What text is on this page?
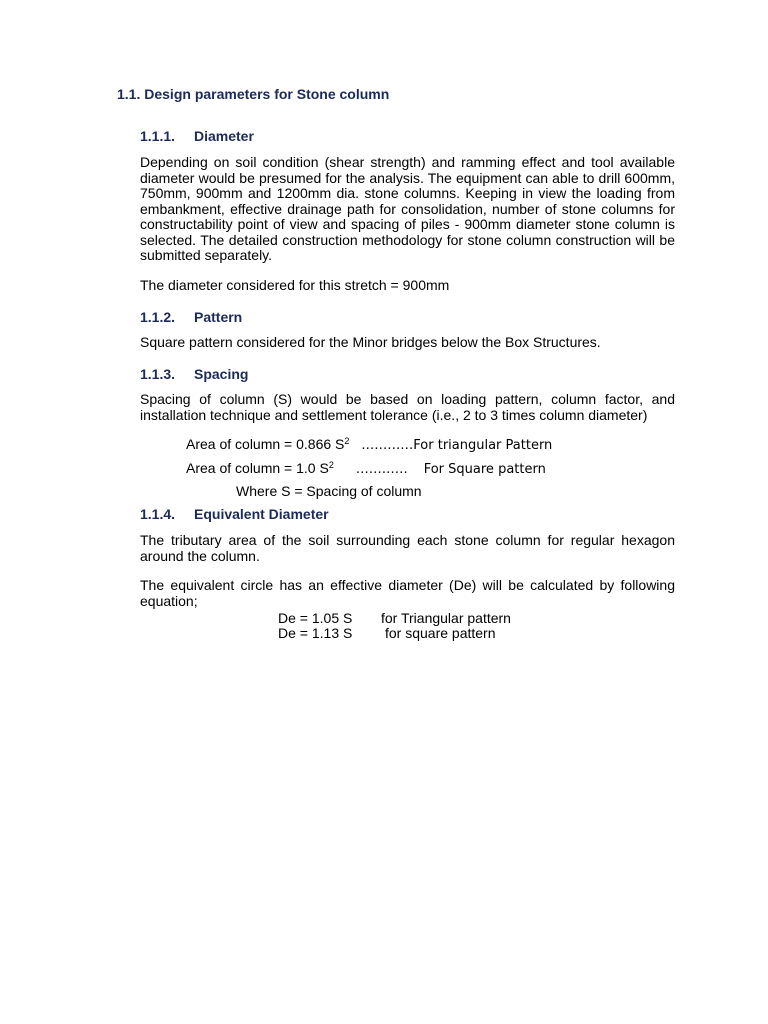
1.1. Design parameters for Stone column
1.1.1. Diameter
Depending on soil condition (shear strength) and ramming effect and tool available diameter would be presumed for the analysis. The equipment can able to drill 600mm, 750mm, 900mm and 1200mm dia. stone columns. Keeping in view the loading from embankment, effective drainage path for consolidation, number of stone columns for constructability point of view and spacing of piles - 900mm diameter stone column is selected. The detailed construction methodology for stone column construction will be submitted separately.
The diameter considered for this stretch = 900mm
1.1.2. Pattern
Square pattern considered for the Minor bridges below the Box Structures.
1.1.3. Spacing
Spacing of column (S) would be based on loading pattern, column factor, and installation technique and settlement tolerance (i.e., 2 to 3 times column diameter)
Area of column = 0.866 $S^2$ …………For triangular Pattern
Area of column = 1.0 $S^2$ ………… For Square pattern
Where S = Spacing of column
1.1.4. Equivalent Diameter
The tributary area of the soil surrounding each stone column for regular hexagon around the column.
The equivalent circle has an effective diameter (De) will be calculated by following equation;
De = 1.05 S for Triangular pattern
De = 1.13 S for square pattern
